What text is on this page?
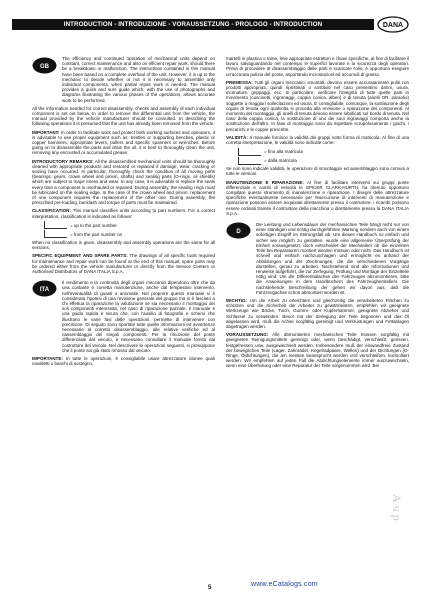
INTRODUCTION - INTRODUZIONE - VORAUSSETZUNG - PROLOGO - INTRODUCTION	DANA
GB

The efficiency and continued operation of mechanical units depend on constant, correct maintenance and also on efficient repair work, should there be a breakdown or malfunction. The instructions contained in this manual have been based on a complete overhaul of the unit. However, it is up to the mechanic to decide whether or not it is necessary to assemble only individual components, when partial repair work is needed. The manual provides a quick and sure guide which, with the use of photographs and diagrams illustrating the various phases of the operations, allows accurate work to be performed.

All the information needed for correct disassembly, checks and assembly of each individual component is set out below. In order to remove the differential unit from the vehicle, the manual provided by the vehicle manufacturer should be consulted. In describing the following operations it is presumed that the unit has already been removed from the vehicle.

IMPORTANT: In order to facilitate work and protect both working surfaces and operators, it is advisable to use proper equipment such as: trestles or supporting benches, plastic or copper hammers, appropriate levers, pullers and specific spanners or wrenches. Before going on to disassemble the parts and drain the oil, it is best to thoroughly clean the unit, removing any encrusted or accumulated grease.

INTRODUCTORY REMARKS: All the disassembled mechanical units should be thoroughly cleaned with appropriate products and restored or replaced if damage, wear, cracking or seizing have occurred. In particular, thoroughly check the condition of all moving parts (bearings, gears, crown wheel and pinion, shafts) and sealing parts (O-rings, oil shields) which are subject to major stress and wear. In any case, it is advisable to replace the seals every time a component is overhauled or repaired. During assembly, the sealing rings must be lubricated on the sealing edge. In the case of the crown wheel and pinion, replacement of one component requires the replacement of the other one. During assembly, the prescribed pre-loading, backlash and torque of parts must be maintained.

CLASSIFICATION: This manual classifies units according to part numbers. For a correct interpretation, classification is indicated as follows:

= up to the part number
= from the part number on

When no classification is given, disassembly and assembly operations are the same for all versions.

SPECIFIC EQUIPMENT AND SPARE PARTS: The drawings of all specific tools required for maintenance and repair work can be found at the end of this manual; spare parts may be ordered either from the vehicle manufacturer or directly from the Service Centers or Authorised Distributors of DANA ITALIA S.p.A.

ITA

Il rendimento e la continuità degli organi meccanici dipendono oltre che da una costante e corretta manutenzione, anche dal tempestivo intervento, nell'eventualità di guasti o anomalie. Nel proporre questo manuale si è considerata l'ipotesi di una revisione generale del gruppo ma si è lasciato a chi effettua la riparazione la valutazione se sia necessario il montaggio dei soli componenti interessati, nel caso di riparazione parziale. Il manuale è una guida rapida e sicura che, con l'ausilio di fotografie e schemi che illustrano le varie fasi delle operazioni, permette di intervenire con precisione. Di seguito sono riportate tutte quelle informazioni ed avvertenze necessarie al corretto disassemblaggio, alle relative verifiche ed al riassemblaggio dei singoli componenti. Per la rimozione del ponte differenziale dal veicolo, è necessario consultare il manuale fornito dal costruttore del veicolo. Nel descrivere le operazioni seguenti, si presuppone che il ponte sia già stato rimosso dal veicolo.

IMPORTANTE: In tutte le operazioni, è consigliabile usare attrezzature idonee quali cavalletti o banchi di sostegno,

martelli in plastica o rame, leve appropriate estrattori e chiavi specifiche, al fine di facilitare il lavoro salvaguardando nel contempo le superfici lavorate e la sicurezza degli operatori. Prima di procedere al disassemblaggio delle parti e scaricare l'olio, è opportuno eseguire un'accurata pulizia del ponte, asportando incrostazioni ed accumuli di grasso.

PREMESSA: Tutti gli organi meccanici smontati, devono essere accuratamente puliti con prodotti appropriati, quindi ripristinati o sostituiti nel caso presentino danni, usura, incrinature, grippaggi, ecc. In particolare, verificare l'integrità di tutte quelle parti in movimento (cuscinetti, ingranaggi, coppia conica, alberi) e di tenuta (anelli OR, paraolio) soggette a maggiori sollecitazioni ed usura. È consigliabile, comunque, la sostituzione degli organi di tenuta ogni qualvolta si proceda alla revisione o riparazione dei componenti. Al momento del montaggio, gli anelli di tenuta devono essere lubrificati sul bordo di tenuta. Nel caso della coppia conica, la sostituzione di uno dei suoi ingranaggi comporta anche la sostituzione dell'altro. In fase di montaggio sono da rispettare scrupolosamente i giochi, i precarichi e le coppie prescritte.

VALIDITÀ: Il manuale fornisce la validità dei gruppi sotto forma di matricola. Al fine di una corretta interpretazione, le validità sono indicate come:

= fino alla matricola
= dalla matricola

Se non sono indicate validità, le operazioni di smontaggio ed assemblaggio sono comuni a tutte le versioni.

MANUTENZIONE E RIPARAZIONE: Al fine di facilitare interventi sui gruppi ponte differenziale e cambi di velocità le SPICER CLARK-HURTH, ha ritenuto opportuno compilare questo strumento di manutenzione e riparazione. I disegni delle attrezzature specifiche eventualmente necessarie per l'esecuzione di interventi di manutenzione e riparazione possono essere acquistati direttamente presso il costruttore, i ricambi possono essere ordinati tramite il costruttore della macchina o direttamente presso la DANA ITALIA S.p.A..

D

Die Leistung und Lebensdauer der mechanischen Teile hängt nicht nur von einer ständigen und richtig durchgeführten Wartung sondern auch von einem sofortigen Eingriff im Störungsfall ab. Um dieses Handbuch so einfach und sicher wie möglich zu gestalten, wurde eine allgemeine Überprüfung der Einheit vorausgesetzt, doch entscheidet der Mechaniker ob die einzelnen Teile bei Reparaturen montiert werden müssen oder nicht. Das Handbuch ist schnell und einfach nachzuschlagen und ermöglicht es anhand der Abbildungen und der Zeichnungen, die die verschiedenen Vorgänge darstellen, genau zu arbeiten. Nachstehend sind alle Informationen und Hinweise aufgeführt, die zur Zerlegung, Prüfung und Montage der Einzelteile nötig sind. Um die Differentialachse des Fahrzeuges abzumontieren, bitte die Anweisungen in dem Handbüchern des Fahrzeugherstellers. Die nachstehende Beschreibung der gehen wir davon aus, daß die Fahrzeugachse schon abmontiert worden ist.

WICHTIG: Um die Arbeit zu erleichtern und gleichzeitig die verarbeiteten Flächen zu schützen und die Sicherheit der Arbeiter zu gewährleisten, empfehlen wir geeignete Werkzeuge wie Böcke, Tisch, Gummi- oder Kupferhammer, geeignete Abzieher und Schlüssel zu verwenden. Bevor mit der Zerlegung der Teile begonnen und das Öl abgelassen wird, muß die Achse sorgfältig gereinigt und Verkrustungen und Fettablagen abgetragen werden.

VORAUSSETZUNG: Alle abmontierten mechanischen Teile müssen sorgfältig mit geeigneten Reinigungsmitteln gereinigt oder, wenn beschädigt, verschleißt, gerissen, festgefressen usw. ausgewechselt werden. Insbesondere muß der einwandfreie Zustand der beweglichen Teile (Lager, Zahnräder, Kegelradpaare, Wellen) und der Dichtungen (O-Ringe, Öldichtungen), die am meisten beansprucht werden und verschleißen, kontrolliert werden. Wir empfehlen auf jeden Fall die Abdichtungselemente immer auszuwechseln, wenn eine Überholung oder eine Reparatur der Teile vorgenommen wird. Bei

А ч р
www.eCatalogs.com
5
